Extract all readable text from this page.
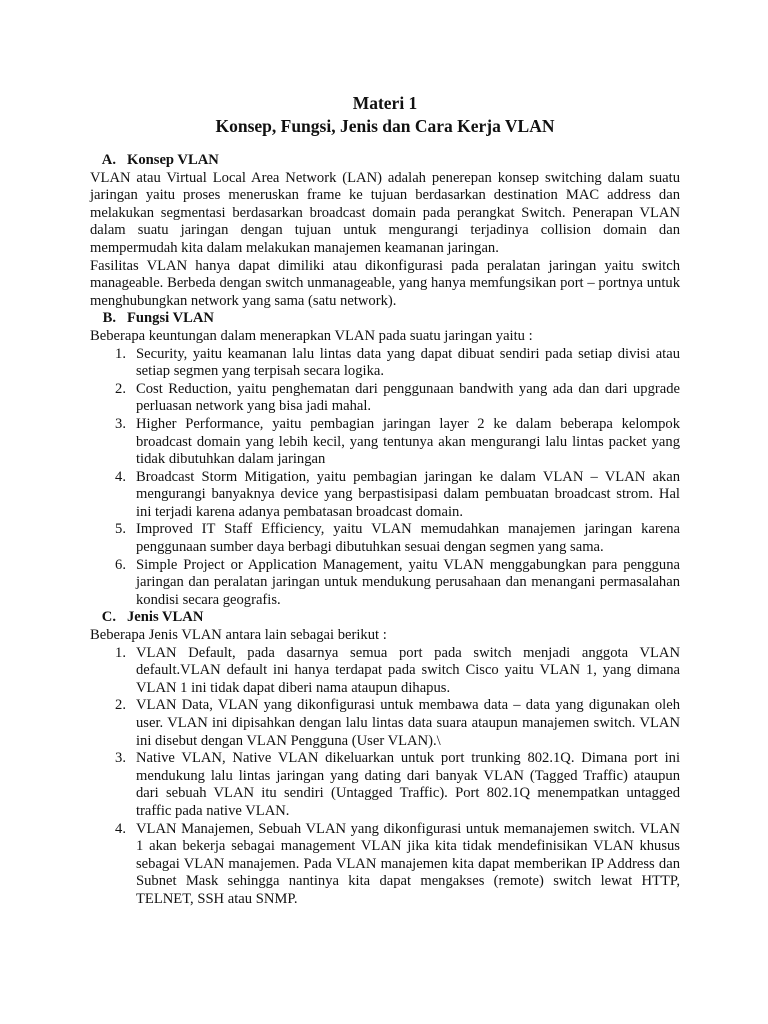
Materi 1
Konsep, Fungsi, Jenis dan Cara Kerja VLAN
A. Konsep VLAN

VLAN atau Virtual Local Area Network (LAN) adalah penerepan konsep switching dalam suatu jaringan yaitu proses meneruskan frame ke tujuan berdasarkan destination MAC address dan melakukan segmentasi berdasarkan broadcast domain pada perangkat Switch. Penerapan VLAN dalam suatu jaringan dengan tujuan untuk mengurangi terjadinya collision domain dan mempermudah kita dalam melakukan manajemen keamanan jaringan.

Fasilitas VLAN hanya dapat dimiliki atau dikonfigurasi pada peralatan jaringan yaitu switch manageable. Berbeda dengan switch unmanageable, yang hanya memfungsikan port – portnya untuk menghubungkan network yang sama (satu network).

B. Fungsi VLAN

Beberapa keuntungan dalam menerapkan VLAN pada suatu jaringan yaitu :

1. Security, yaitu keamanan lalu lintas data yang dapat dibuat sendiri pada setiap divisi atau setiap segmen yang terpisah secara logika.
2. Cost Reduction, yaitu penghematan dari penggunaan bandwith yang ada dan dari upgrade perluasan network yang bisa jadi mahal.
3. Higher Performance, yaitu pembagian jaringan layer 2 ke dalam beberapa kelompok broadcast domain yang lebih kecil, yang tentunya akan mengurangi lalu lintas packet yang tidak dibutuhkan dalam jaringan
4. Broadcast Storm Mitigation, yaitu pembagian jaringan ke dalam VLAN – VLAN akan mengurangi banyaknya device yang berpastisipasi dalam pembuatan broadcast strom. Hal ini terjadi karena adanya pembatasan broadcast domain.
5. Improved IT Staff Efficiency, yaitu VLAN memudahkan manajemen jaringan karena penggunaan sumber daya berbagi dibutuhkan sesuai dengan segmen yang sama.
6. Simple Project or Application Management, yaitu VLAN menggabungkan para pengguna jaringan dan peralatan jaringan untuk mendukung perusahaan dan menangani permasalahan kondisi secara geografis.
C. Jenis VLAN

Beberapa Jenis VLAN antara lain sebagai berikut :

1. VLAN Default, pada dasarnya semua port pada switch menjadi anggota VLAN default.VLAN default ini hanya terdapat pada switch Cisco yaitu VLAN 1, yang dimana VLAN 1 ini tidak dapat diberi nama ataupun dihapus.
2. VLAN Data, VLAN yang dikonfigurasi untuk membawa data – data yang digunakan oleh user. VLAN ini dipisahkan dengan lalu lintas data suara ataupun manajemen switch. VLAN ini disebut dengan VLAN Pengguna (User VLAN).\
3. Native VLAN, Native VLAN dikeluarkan untuk port trunking 802.1Q. Dimana port ini mendukung lalu lintas jaringan yang dating dari banyak VLAN (Tagged Traffic) ataupun dari sebuah VLAN itu sendiri (Untagged Traffic). Port 802.1Q menempatkan untagged traffic pada native VLAN.
4. VLAN Manajemen, Sebuah VLAN yang dikonfigurasi untuk memanajemen switch. VLAN 1 akan bekerja sebagai management VLAN jika kita tidak mendefinisikan VLAN khusus sebagai VLAN manajemen. Pada VLAN manajemen kita dapat memberikan IP Address dan Subnet Mask sehingga nantinya kita dapat mengakses (remote) switch lewat HTTP, TELNET, SSH atau SNMP.
